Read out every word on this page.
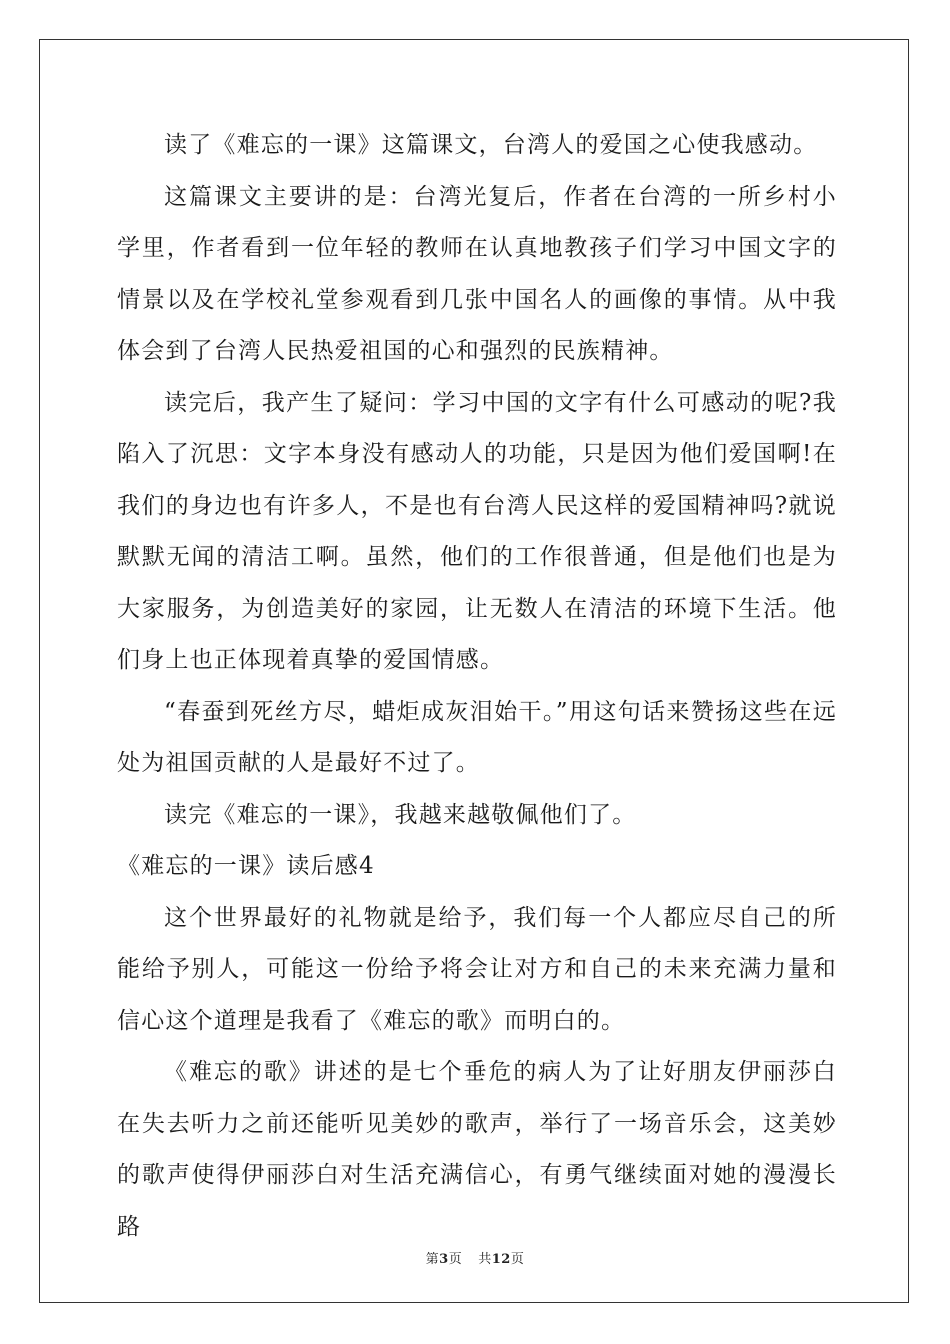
读了《难忘的一课》这篇课文，台湾人的爱国之心使我感动。

这篇课文主要讲的是：台湾光复后，作者在台湾的一所乡村小学里，作者看到一位年轻的教师在认真地教孩子们学习中国文字的情景以及在学校礼堂参观看到几张中国名人的画像的事情。从中我体会到了台湾人民热爱祖国的心和强烈的民族精神。

读完后，我产生了疑问：学习中国的文字有什么可感动的呢?我陷入了沉思：文字本身没有感动人的功能，只是因为他们爱国啊!在我们的身边也有许多人，不是也有台湾人民这样的爱国精神吗?就说默默无闻的清洁工啊。虽然，他们的工作很普通，但是他们也是为大家服务，为创造美好的家园，让无数人在清洁的环境下生活。他们身上也正体现着真挚的爱国情感。

“春蚕到死丝方尽，蜡炬成灰泪始干。”用这句话来赞扬这些在远处为祖国贡献的人是最好不过了。

读完《难忘的一课》，我越来越敬佩他们了。

《难忘的一课》读后感4

这个世界最好的礼物就是给予，我们每一个人都应尽自己的所能给予别人，可能这一份给予将会让对方和自己的未来充满力量和信心这个道理是我看了《难忘的歌》而明白的。

《难忘的歌》讲述的是七个垂危的病人为了让好朋友伊丽莎白在失去听力之前还能听见美妙的歌声，举行了一场音乐会，这美妙的歌声使得伊丽莎白对生活充满信心，有勇气继续面对她的漫漫长路

第3页 共12页
